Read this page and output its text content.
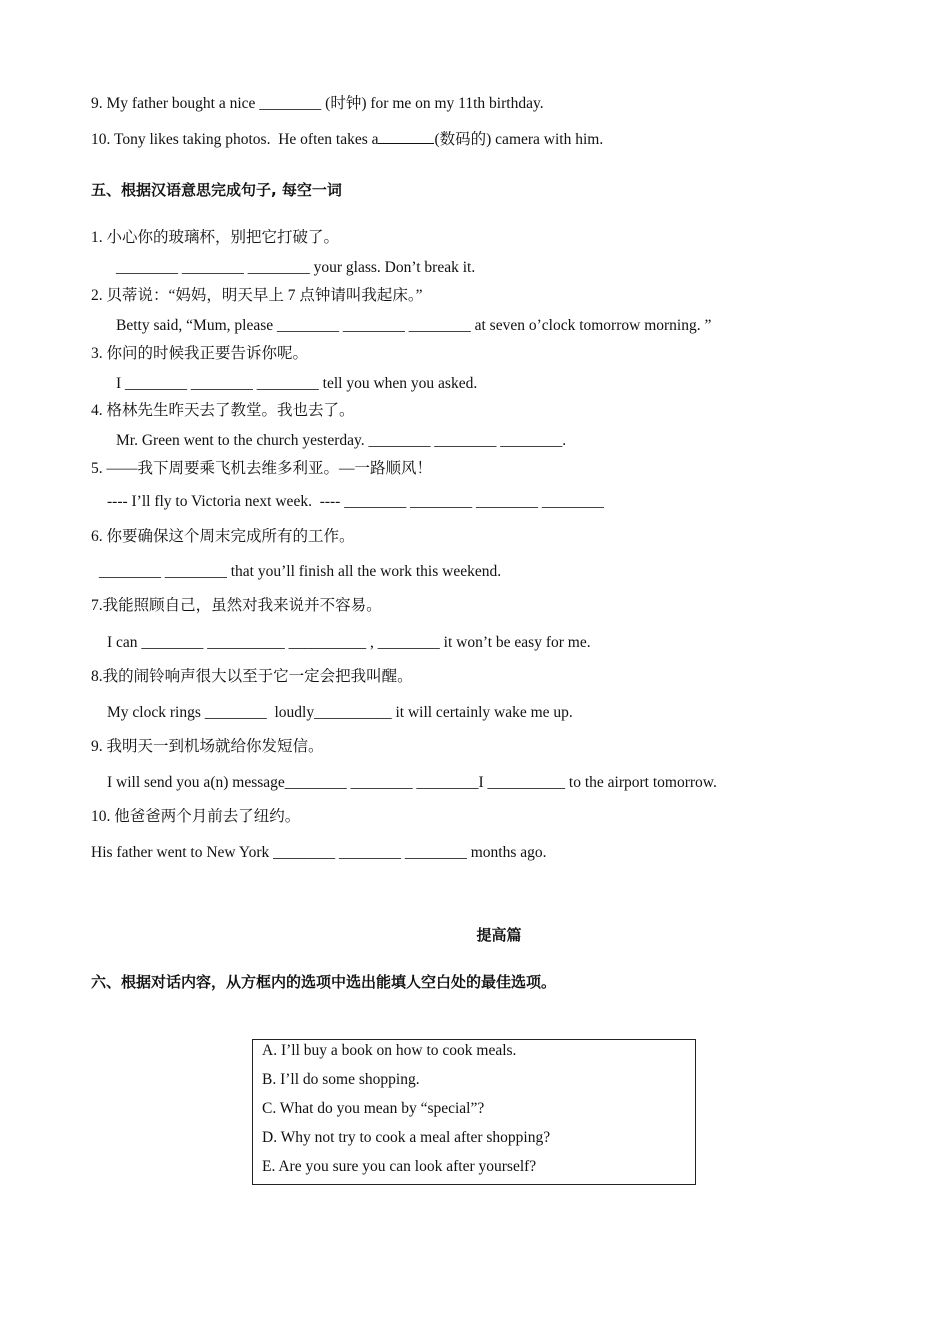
9. My father bought a nice ________ (时钟) for me on my 11th birthday.
10. Tony likes taking photos.  He often takes a	(数码的) camera with him.
五、根据汉语意思完成句子, 每空一词
1. 小心你的玻璃杯，别把它打破了。
________ ________ ________ your glass. Don’t break it.
2. 贝蒂说：“妈妈，明天早上 7 点钟请叫我起床。”
Betty said, “Mum, please ________ ________ ________ at seven o’clock tomorrow morning. ”
3. 你问的时候我正要告诉你呢。
I ________ ________ ________ tell you when you asked.
4. 格林先生昨天去了教堂。我也去了。
Mr. Green went to the church yesterday. ________ ________ ________.
5. ——我下周要乘飞机去维多利亚。—一路顺风！
---- I’ll fly to Victoria next week.  ---- ________ ________ ________ ________
6. 你要确保这个周末完成所有的工作。
________ ________ that you’ll finish all the work this weekend.
7.我能照顾自己，虽然对我来说并不容易。
I can ________ __________ __________ , ________ it won’t be easy for me.
8.我的闹铃响声很大以至于它一定会把我叫醒。
My clock rings ________  loudly__________ it will certainly wake me up.
9. 我明天一到机场就给你发短信。
I will send you a(n) message________ ________ ________I __________ to the airport tomorrow.
10. 他爸爸两个月前去了纽约。
His father went to New York ________ ________ ________ months ago.
提高篇
六、根据对话内容，从方框内的选项中选出能填人空白处的最佳选项。
A. I’ll buy a book on how to cook meals.
B. I’ll do some shopping.
C. What do you mean by “special”?
D. Why not try to cook a meal after shopping?
E. Are you sure you can look after yourself?
